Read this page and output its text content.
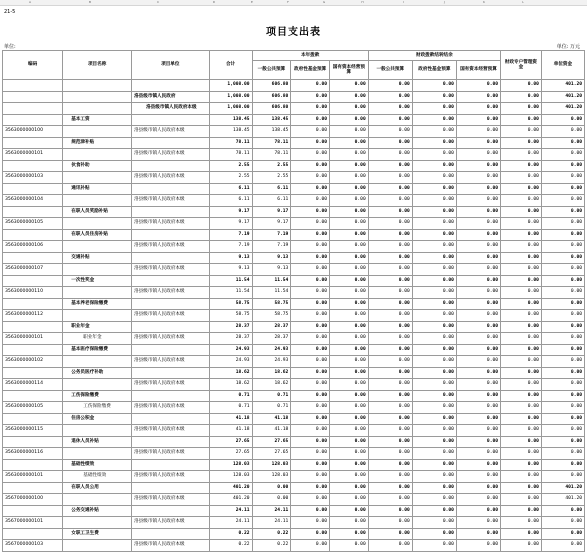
A	B	C	D	E	F	G	H	I	J	K	L
21-5
项目支出表
单位:	单位: 万元
编码	项目名称	项目单位	合计	本年拨款			财政拨款结转结余			财政专户管理资金	单位资金
				一般公共预算	政府性基金预算	国有资本经营预算	一般公共预算	政府性基金预算	国有资本经营预算		
			1,008.00	606.80	0.00	0.00	0.00	0.00	0.00	0.00	401.20
		洛县级市镇人民政府	1,008.00	606.80	0.00	0.00	0.00	0.00	0.00	0.00	401.20
		洛县级市镇人民政府本级	1,008.00	606.80	0.00	0.00	0.00	0.00	0.00	0.00	401.20
	基本工资		138.45	138.45	0.00	0.00	0.00	0.00	0.00	0.00	0.00
3563000000100		洛县级市镇人民政府本级	138.45	138.45	0.00	0.00	0.00	0.00	0.00	0.00	0.00
	规范津补贴		78.11	78.11	0.00	0.00	0.00	0.00	0.00	0.00	0.00
3563000000101		洛县级市镇人民政府本级	78.11	78.11	0.00	0.00	0.00	0.00	0.00	0.00	0.00
	伙食补助		2.55	2.55	0.00	0.00	0.00	0.00	0.00	0.00	0.00
3563000000103		洛县级市镇人民政府本级	2.55	2.55	0.00	0.00	0.00	0.00	0.00	0.00	0.00
	通讯补贴		6.11	6.11	0.00	0.00	0.00	0.00	0.00	0.00	0.00
3563000000104		洛县级市镇人民政府本级	6.11	6.11	0.00	0.00	0.00	0.00	0.00	0.00	0.00
	在职人员奖励补贴		9.17	9.17	0.00	0.00	0.00	0.00	0.00	0.00	0.00
3563000000105		洛县级市镇人民政府本级	9.17	9.17	0.00	0.00	0.00	0.00	0.00	0.00	0.00
	在职人员住房补贴		7.19	7.19	0.00	0.00	0.00	0.00	0.00	0.00	0.00
3563000000106		洛县级市镇人民政府本级	7.19	7.19	0.00	0.00	0.00	0.00	0.00	0.00	0.00
	交通补贴		9.13	9.13	0.00	0.00	0.00	0.00	0.00	0.00	0.00
3563000000107		洛县级市镇人民政府本级	9.13	9.13	0.00	0.00	0.00	0.00	0.00	0.00	0.00
	一次性奖金		11.54	11.54	0.00	0.00	0.00	0.00	0.00	0.00	0.00
3563000000110		洛县级市镇人民政府本级	11.54	11.54	0.00	0.00	0.00	0.00	0.00	0.00	0.00
	基本养老保险缴费		58.75	58.75	0.00	0.00	0.00	0.00	0.00	0.00	0.00
3563000000112		洛县级市镇人民政府本级	58.75	58.75	0.00	0.00	0.00	0.00	0.00	0.00	0.00
	职业年金		28.37	28.37	0.00	0.00	0.00	0.00	0.00	0.00	0.00
3563000000101	职业年金	洛县级市镇人民政府本级	28.37	28.37	0.00	0.00	0.00	0.00	0.00	0.00	0.00
	基本医疗保险缴费		24.93	24.93	0.00	0.00	0.00	0.00	0.00	0.00	0.00
3563000000102		洛县级市镇人民政府本级	24.93	24.93	0.00	0.00	0.00	0.00	0.00	0.00	0.00
	公务员医疗补助		18.62	18.62	0.00	0.00	0.00	0.00	0.00	0.00	0.00
3563000000114		洛县级市镇人民政府本级	18.62	18.62	0.00	0.00	0.00	0.00	0.00	0.00	0.00
	工伤保险缴费		0.71	0.71	0.00	0.00	0.00	0.00	0.00	0.00	0.00
3563000000105	工伤保险缴费	洛县级市镇人民政府本级	0.71	0.71	0.00	0.00	0.00	0.00	0.00	0.00	0.00
	住房公积金		41.18	41.18	0.00	0.00	0.00	0.00	0.00	0.00	0.00
3563000000115		洛县级市镇人民政府本级	41.18	41.18	0.00	0.00	0.00	0.00	0.00	0.00	0.00
	退休人员补贴		27.65	27.65	0.00	0.00	0.00	0.00	0.00	0.00	0.00
3563000000116		洛县级市镇人民政府本级	27.65	27.65	0.00	0.00	0.00	0.00	0.00	0.00	0.00
	基础性绩效		128.03	128.03	0.00	0.00	0.00	0.00	0.00	0.00	0.00
3563000000101	基础性绩效	洛县级市镇人民政府本级	128.03	128.03	0.00	0.00	0.00	0.00	0.00	0.00	0.00
	在职人员公用		401.20	0.00	0.00	0.00	0.00	0.00	0.00	0.00	401.20
3567000000100		洛县级市镇人民政府本级	401.20	0.00	0.00	0.00	0.00	0.00	0.00	0.00	401.20
	公务交通补贴		24.11	24.11	0.00	0.00	0.00	0.00	0.00	0.00	0.00
3567000000101		洛县级市镇人民政府本级	24.11	24.11	0.00	0.00	0.00	0.00	0.00	0.00	0.00
	女职工卫生费		0.22	0.22	0.00	0.00	0.00	0.00	0.00	0.00	0.00
3567000000103		洛县级市镇人民政府本级	0.22	0.22	0.00	0.00	0.00	0.00	0.00	0.00	0.00
